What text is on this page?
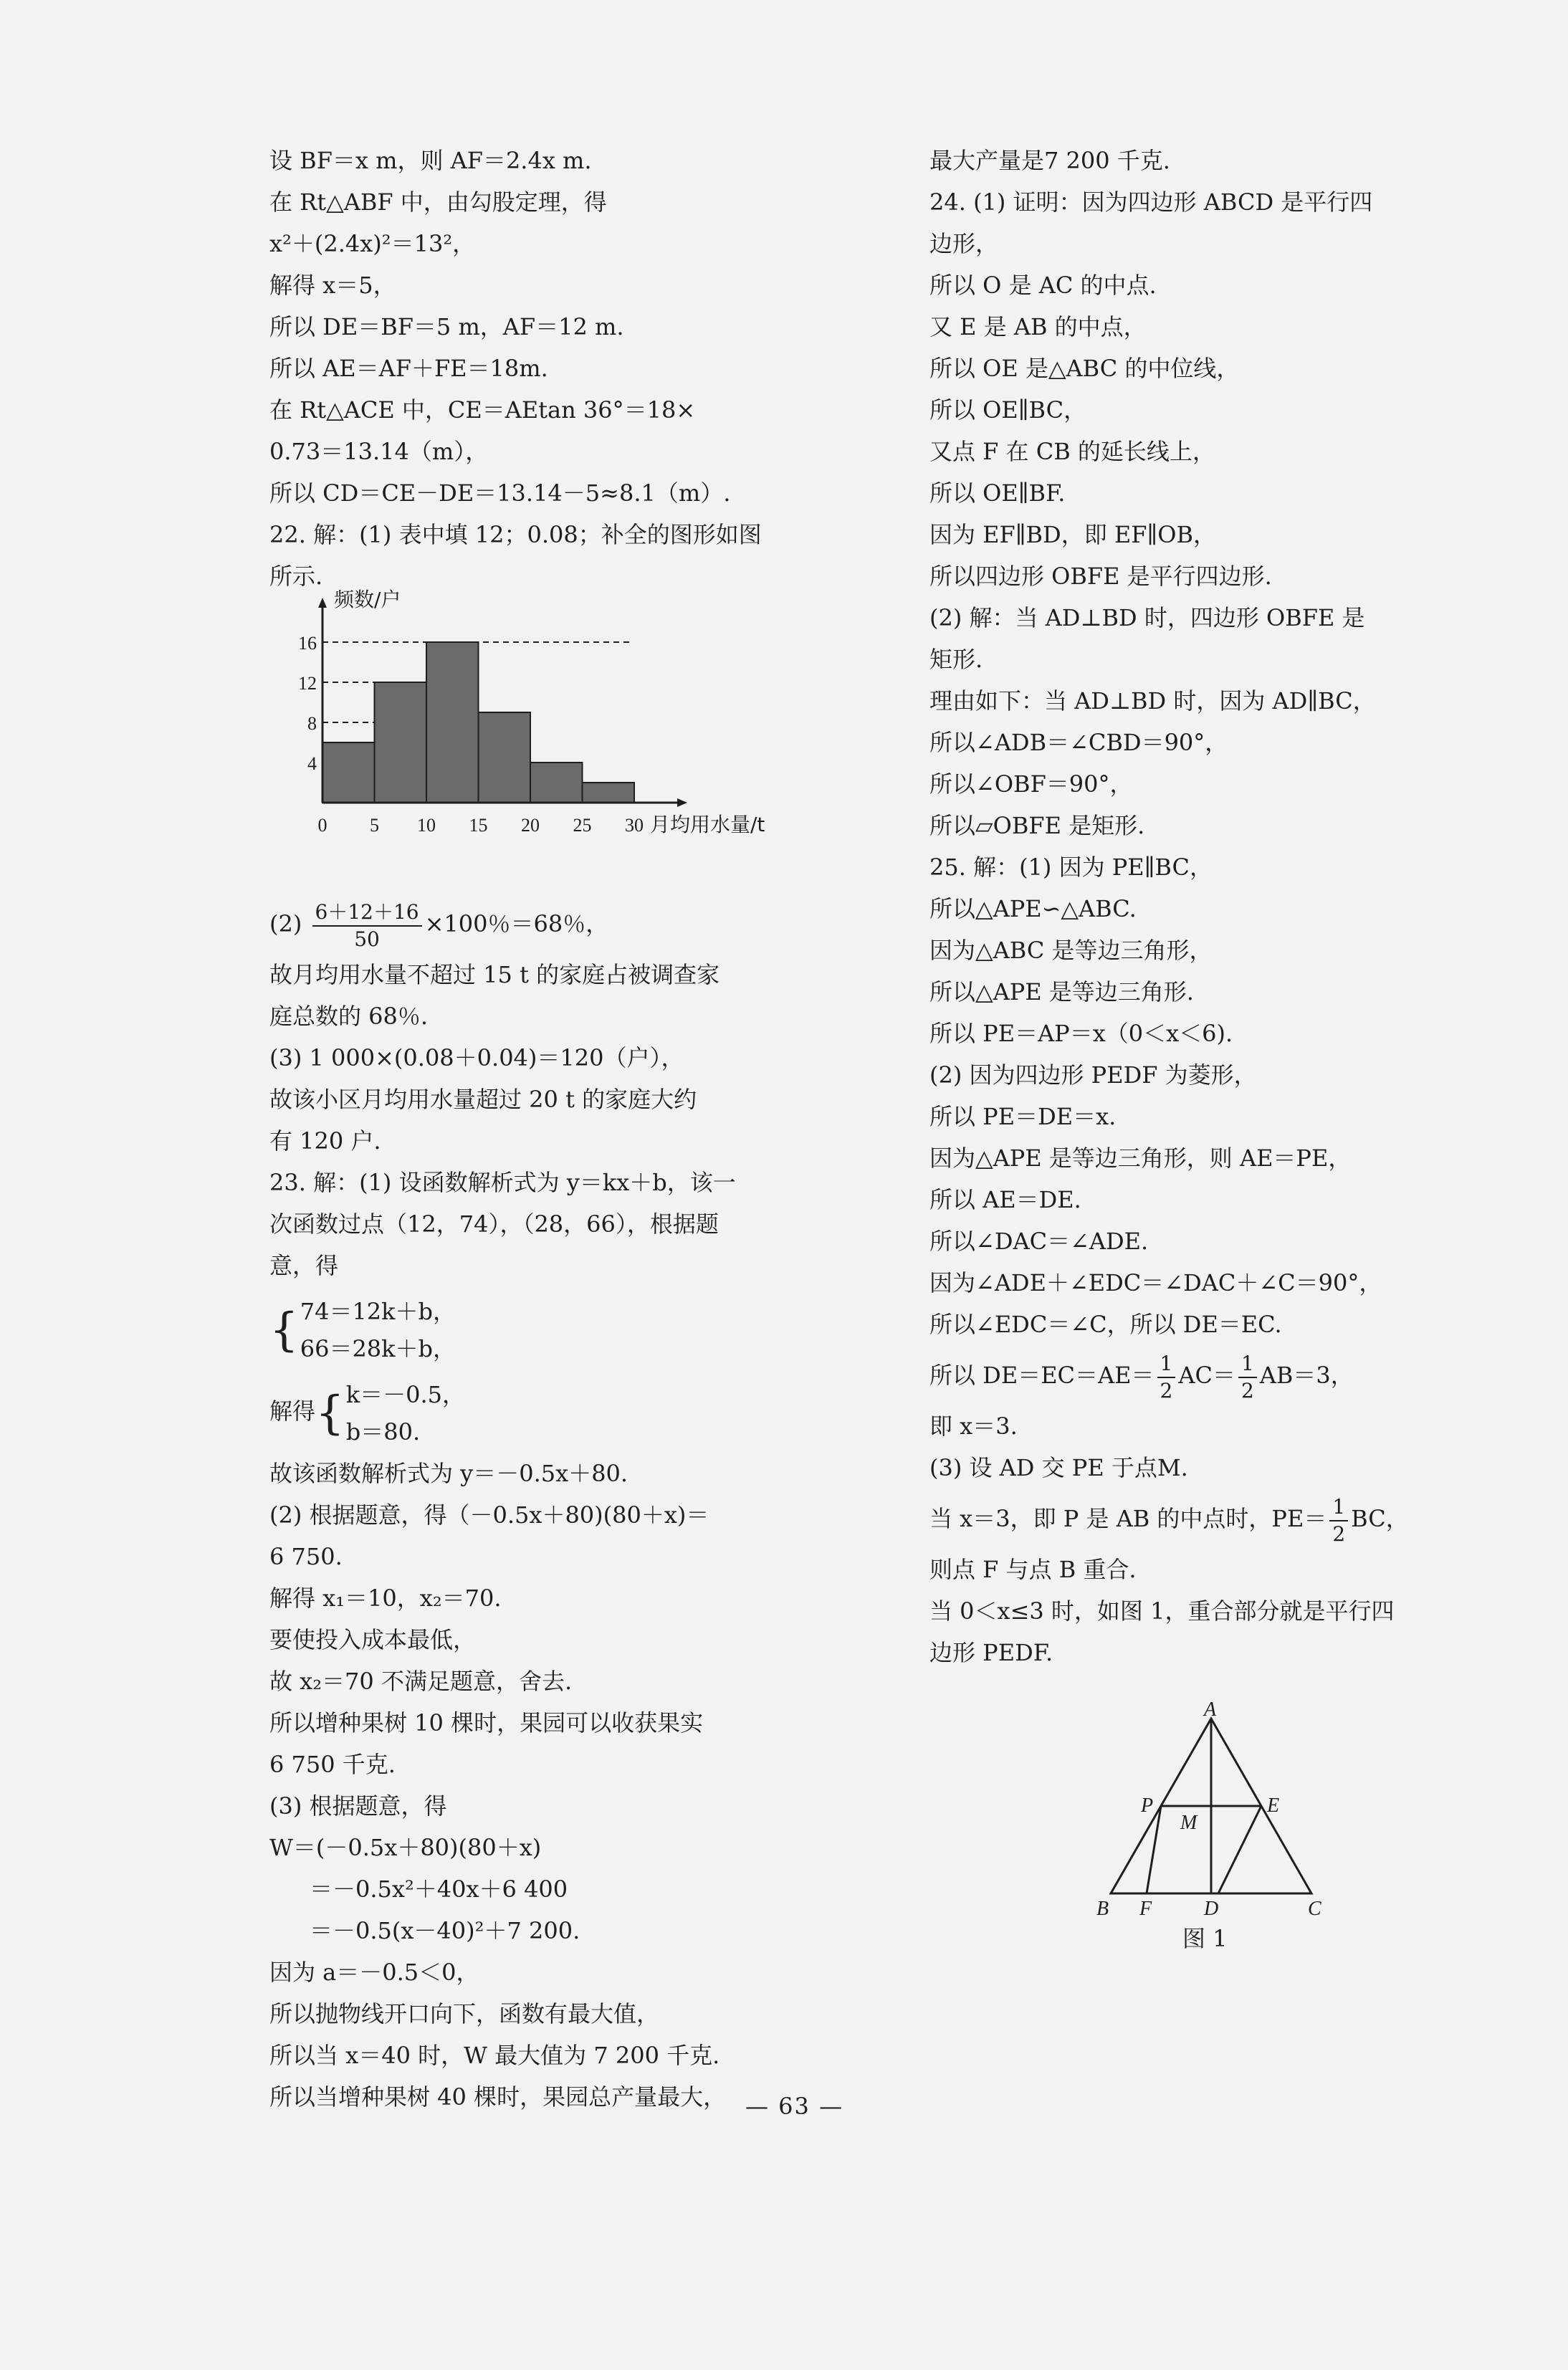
设 BF＝x m，则 AF＝2.4x m.
在 Rt△ABF 中，由勾股定理，得
x²＋(2.4x)²＝13²，
解得 x＝5，
所以 DE＝BF＝5 m，AF＝12 m.
所以 AE＝AF＋FE＝18m.
在 Rt△ACE 中，CE＝AEtan 36°＝18×
0.73＝13.14（m），
所以 CD＝CE－DE＝13.14－5≈8.1（m）.
22. 解：(1) 表中填 12；0.08；补全的图形如图
所示.
$(2) \frac{6+12+16}{50} \times 100$％＝68％，
故月均用水量不超过 15 t 的家庭占被调查家
庭总数的 68％.
(3) 1 000×(0.08＋0.04)＝120（户），
故该小区月均用水量超过 20 t 的家庭大约
有 120 户.
23. 解：(1) 设函数解析式为 y＝kx＋b，该一
次函数过点（12，74），（28，66），根据题
意，得
{ 74＝12k＋b，
66＝28k＋b，
解得{ k＝－0.5，
b＝80.
故该函数解析式为 y＝－0.5x＋80.
(2) 根据题意，得（－0.5x＋80)(80＋x)＝
6 750.
解得 x₁＝10，x₂＝70.
要使投入成本最低，
故 x₂＝70 不满足题意，舍去.
所以增种果树 10 棵时，果园可以收获果实
6 750 千克.
(3) 根据题意，得
W＝(－0.5x＋80)(80＋x)
＝－0.5x²＋40x＋6 400
＝－0.5(x－40)²＋7 200.
因为 a＝－0.5＜0，
所以抛物线开口向下，函数有最大值，
所以当 x＝40 时，W 最大值为 7 200 千克.
所以当增种果树 40 棵时，果园总产量最大，
4
8
12
16
0 5 10 15 20 25 30
频数/户
月均用水量/t
最大产量是7 200 千克.
24. (1) 证明：因为四边形 ABCD 是平行四
边形，
所以 O 是 AC 的中点.
又 E 是 AB 的中点，
所以 OE 是△ABC 的中位线，
所以 OE∥BC，
又点 F 在 CB 的延长线上，
所以 OE∥BF.
因为 EF∥BD，即 EF∥OB，
所以四边形 OBFE 是平行四边形.
(2) 解：当 AD⊥BD 时，四边形 OBFE 是
矩形.
理由如下：当 AD⊥BD 时，因为 AD∥BC，
所以∠ADB＝∠CBD＝90°，
所以∠OBF＝90°，
所以▱OBFE 是矩形.
25. 解：(1) 因为 PE∥BC，
所以△APE∽△ABC.
因为△ABC 是等边三角形，
所以△APE 是等边三角形.
所以 PE＝AP＝x（0＜x＜6).
(2) 因为四边形 PEDF 为菱形，
所以 PE＝DE＝x.
因为△APE 是等边三角形，则 AE＝PE，
所以 AE＝DE.
所以∠DAC＝∠ADE.
因为∠ADE＋∠EDC＝∠DAC＋∠C＝90°，
所以∠EDC＝∠C，所以 DE＝EC.
所以 $DE=EC=AE= \frac{1}{2} AC= \frac{1}{2} AB=3$，
即 x＝3.
(3) 设 AD 交 PE 于点M.
当 x＝3，即 P 是 AB 的中点时，$PE= \frac{1}{2}$ BC，
则点 F 与点 B 重合.
当 0＜x≤3 时，如图 1，重合部分就是平行四
边形 PEDF.
A
P
M
E
B F	D	C
图 1
— 63 —
